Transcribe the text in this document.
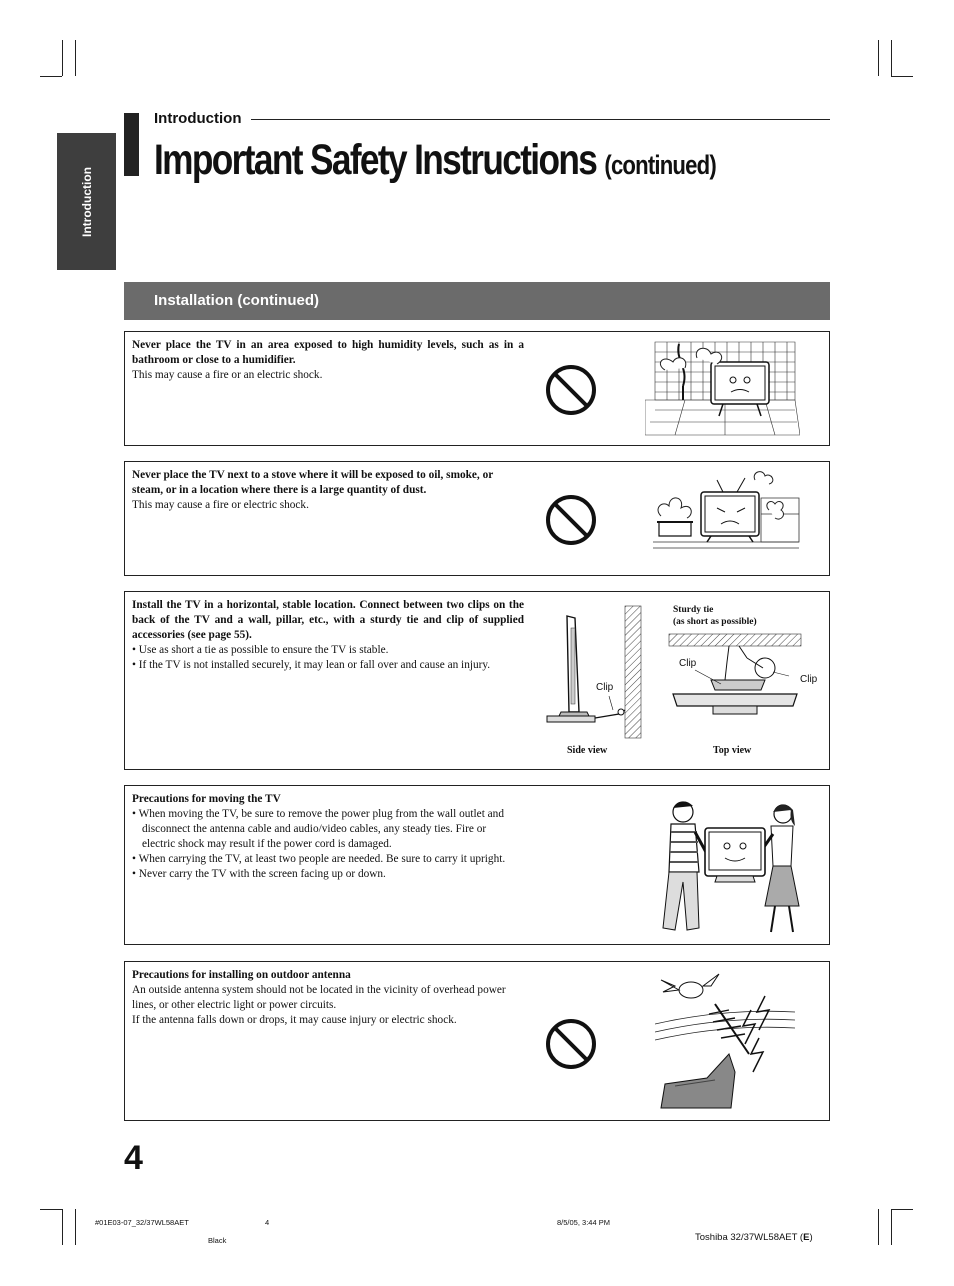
Introduction
Introduction
Important Safety Instructions (continued)
Installation (continued)
Never place the TV in an area exposed to high humidity levels, such as in a bathroom or close to a humidifier.
This may cause a fire or an electric shock.
Never place the TV next to a stove where it will be exposed to oil, smoke, or steam, or in a location where there is a large quantity of dust.
This may cause a fire or electric shock.
Install the TV in a horizontal, stable location. Connect between two clips on the back of the TV and a wall, pillar, etc., with a sturdy tie and clip of supplied accessories (see page 55).
• Use as short a tie as possible to ensure the TV is stable.
• If the TV is not installed securely, it may lean or fall over and cause an injury.
Clip
Side view
Sturdy tie
(as short as possible)
Clip
Clip
Top view
Precautions for moving the TV
• When moving the TV, be sure to remove the power plug from the wall outlet and disconnect the antenna cable and audio/video cables, any steady ties. Fire or electric shock may result if the power cord is damaged.
• When carrying the TV, at least two people are needed. Be sure to carry it upright.
• Never carry the TV with the screen facing up or down.
Precautions for installing on outdoor antenna
An outside antenna system should not be located in the vicinity of overhead power lines, or other electric light or power circuits.
If the antenna falls down or drops, it may cause injury or electric shock.
4
#01E03-07_32/37WL58AET	4	8/5/05, 3:44 PM
Black	Toshiba 32/37WL58AET (E)
